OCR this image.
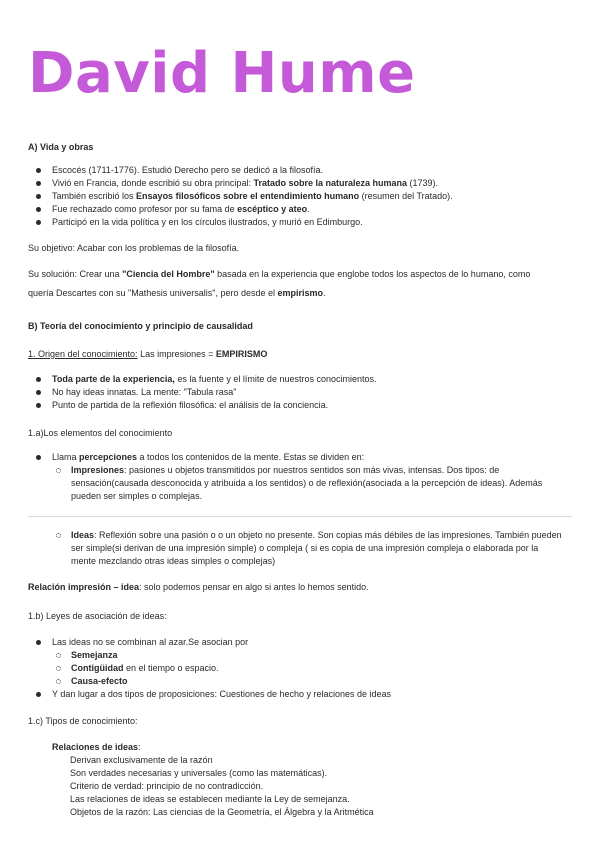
David Hume
A) Vida y obras
Escocés (1711-1776). Estudió Derecho pero se dedicó a la filosofía.
Vivió en Francia, donde escribió su obra principal: Tratado sobre la naturaleza humana (1739).
También escribió los Ensayos filosóficos sobre el entendimiento humano (resumen del Tratado).
Fue rechazado como profesor por su fama de escéptico y ateo.
Participó en la vida política y en los círculos ilustrados, y murió en Edimburgo.
Su objetivo: Acabar con los problemas de la filosofía.
Su solución: Crear una "Ciencia del Hombre" basada en la experiencia que englobe todos los aspectos de lo humano, como
quería Descartes con su "Mathesis universalis", pero desde el empirismo.
B) Teoría del conocimiento y principio de causalidad
1. Origen del conocimiento: Las impresiones = EMPIRISMO
Toda parte de la experiencia, es la fuente y el límite de nuestros conocimientos.
No hay ideas innatas. La mente: "Tabula rasa"
Punto de partida de la reflexión filosófica: el análisis de la conciencia.
1.a)Los elementos del conocimiento
Llama percepciones a todos los contenidos de la mente. Estas se dividen en:
Impresiones: pasiones u objetos transmitidos por nuestros sentidos son más vivas, intensas. Dos tipos: de
sensación(causada desconocida y atribuida a los sentidos) o de reflexión(asociada a la percepción de ideas). Además
pueden ser simples o complejas.
Ideas: Reflexión sobre una pasión o o un objeto no presente. Son copias más débiles de las impresiones. También pueden
ser simple(si derivan de una impresión simple) o compleja ( si es copia de una impresión compleja o elaborada por la
mente mezclando otras ideas simples o complejas)
Relación impresión – idea: solo podemos pensar en algo si antes lo hemos sentido.
1.b) Leyes de asociación de ideas:
Las ideas no se combinan al azar.Se asocian por
Semejanza
Contigüidad en el tiempo o espacio.
Causa-efecto
Y dan lugar a dos tipos de proposiciones: Cuestiones de hecho y relaciones de ideas
1.c) Tipos de conocimiento:
Relaciones de ideas:
Derivan exclusivamente de la razón
Son verdades necesarias y universales (como las matemáticas).
Criterio de verdad: principio de no contradicción.
Las relaciones de ideas se establecen mediante la Ley de semejanza.
Objetos de la razón: Las ciencias de la Geometría, el Álgebra y la Aritmética
